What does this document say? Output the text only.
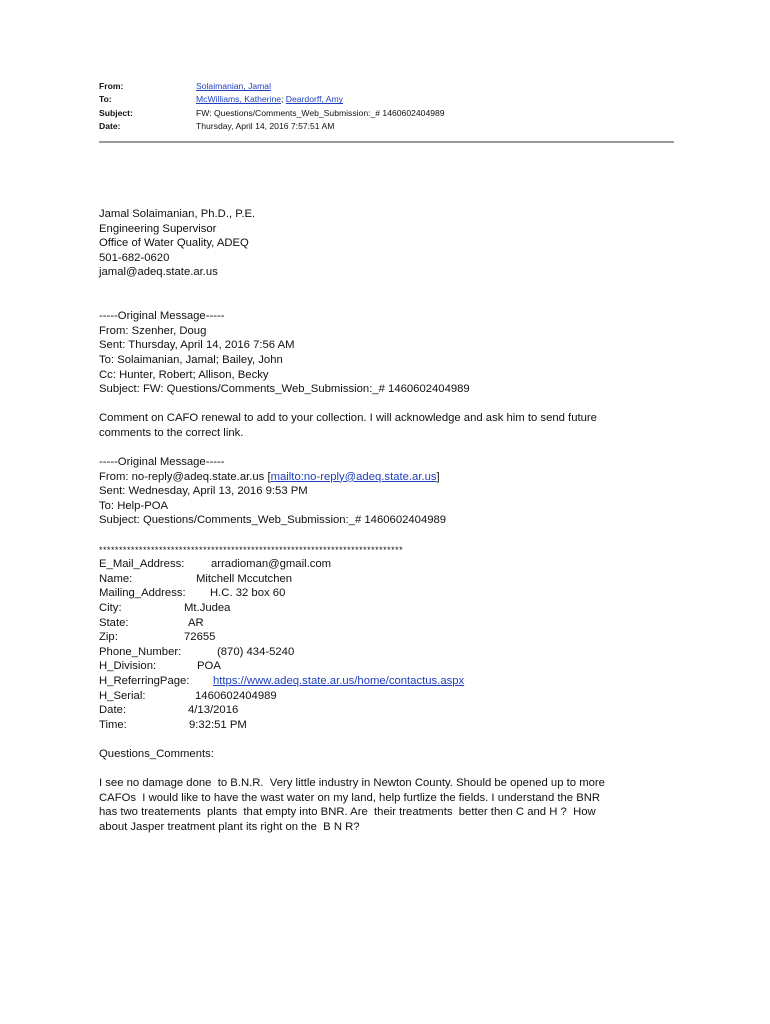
From:	Solaimanian, Jamal
To:	McWilliams, Katherine; Deardorff, Amy
Subject:	FW: Questions/Comments_Web_Submission:_# 1460602404989
Date:	Thursday, April 14, 2016 7:57:51 AM
Jamal Solaimanian, Ph.D., P.E.
Engineering Supervisor
Office of Water Quality, ADEQ
501-682-0620
jamal@adeq.state.ar.us
-----Original Message-----
From: Szenher, Doug
Sent: Thursday, April 14, 2016 7:56 AM
To: Solaimanian, Jamal; Bailey, John
Cc: Hunter, Robert; Allison, Becky
Subject: FW: Questions/Comments_Web_Submission:_# 1460602404989
Comment on CAFO renewal to add to your collection. I will acknowledge and ask him to send future
comments to the correct link.
-----Original Message-----
From: no-reply@adeq.state.ar.us [mailto:no-reply@adeq.state.ar.us]
Sent: Wednesday, April 13, 2016 9:53 PM
To: Help-POA
Subject: Questions/Comments_Web_Submission:_# 1460602404989
****************************************************************************
E_Mail_Address:	arradioman@gmail.com
Name:	Mitchell Mccutchen
Mailing_Address:	H.C. 32 box 60
City:	Mt.Judea
State:	AR
Zip:	72655
Phone_Number:	(870) 434-5240
H_Division:	POA
H_ReferringPage:	https://www.adeq.state.ar.us/home/contactus.aspx
H_Serial:	1460602404989
Date:	4/13/2016
Time:	9:32:51 PM
Questions_Comments:
I see no damage done  to B.N.R.  Very little industry in Newton County. Should be opened up to more
CAFOs  I would like to have the wast water on my land, help furtlize the fields. I understand the BNR
has two treatements  plants  that empty into BNR. Are  their treatments  better then C and H ?  How
about Jasper treatment plant its right on the  B N R?
